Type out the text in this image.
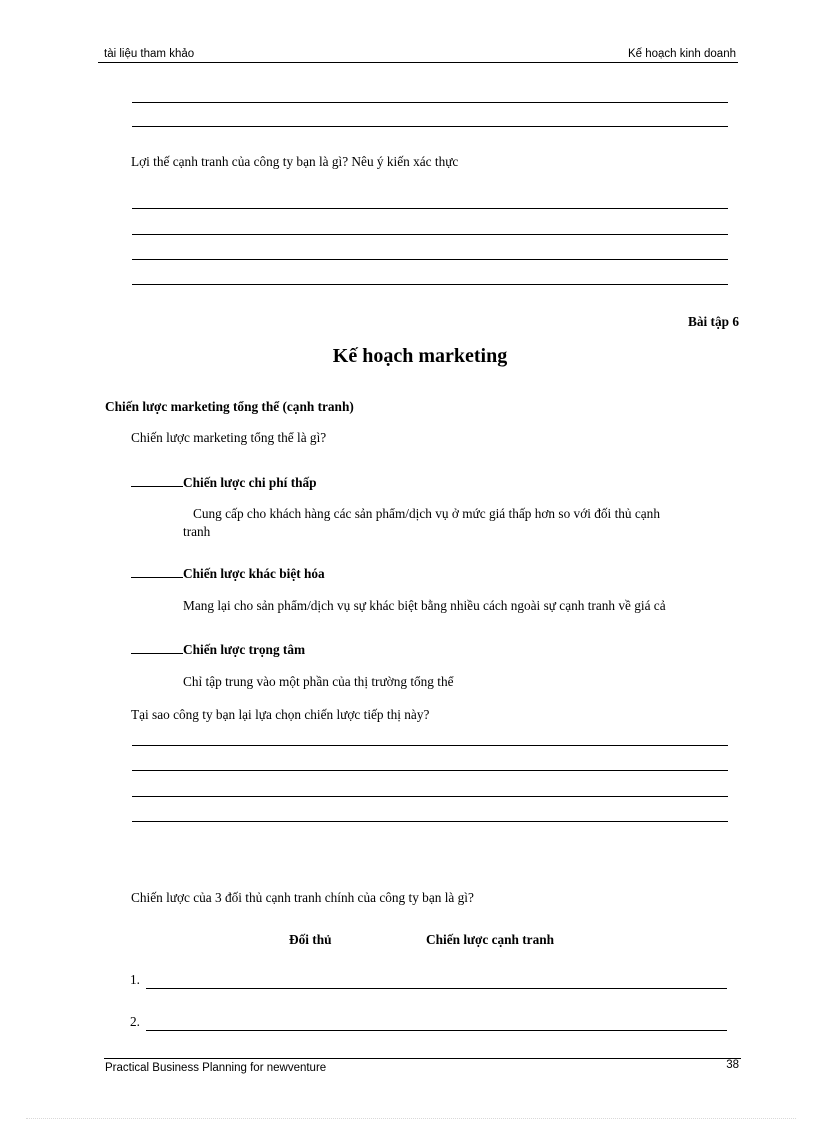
tài liệu tham khảo	Kế hoạch kinh doanh
Lợi thế cạnh tranh của công ty bạn là gì? Nêu ý kiến xác thực
Bài tập 6
Kế hoạch marketing
Chiến lược marketing tổng thể (cạnh tranh)
Chiến lược marketing tổng thể là gì?
Chiến lược chi phí thấp
Cung cấp cho khách hàng các sản phẩm/dịch vụ ở mức giá thấp hơn so với đối thủ cạnh
tranh
Chiến lược khác biệt hóa
Mang lại cho sản phẩm/dịch vụ sự khác biệt bằng nhiều cách ngoài sự cạnh tranh về giá cả
Chiến lược trọng tâm
Chỉ tập trung vào một phần của thị trường tổng thể
Tại sao công ty bạn lại lựa chọn chiến lược tiếp thị này?
Chiến lược của 3 đối thủ cạnh tranh chính của công ty bạn là gì?
Đối thủ	Chiến lược cạnh tranh
1.
2.
Practical Business Planning for newventure	38
